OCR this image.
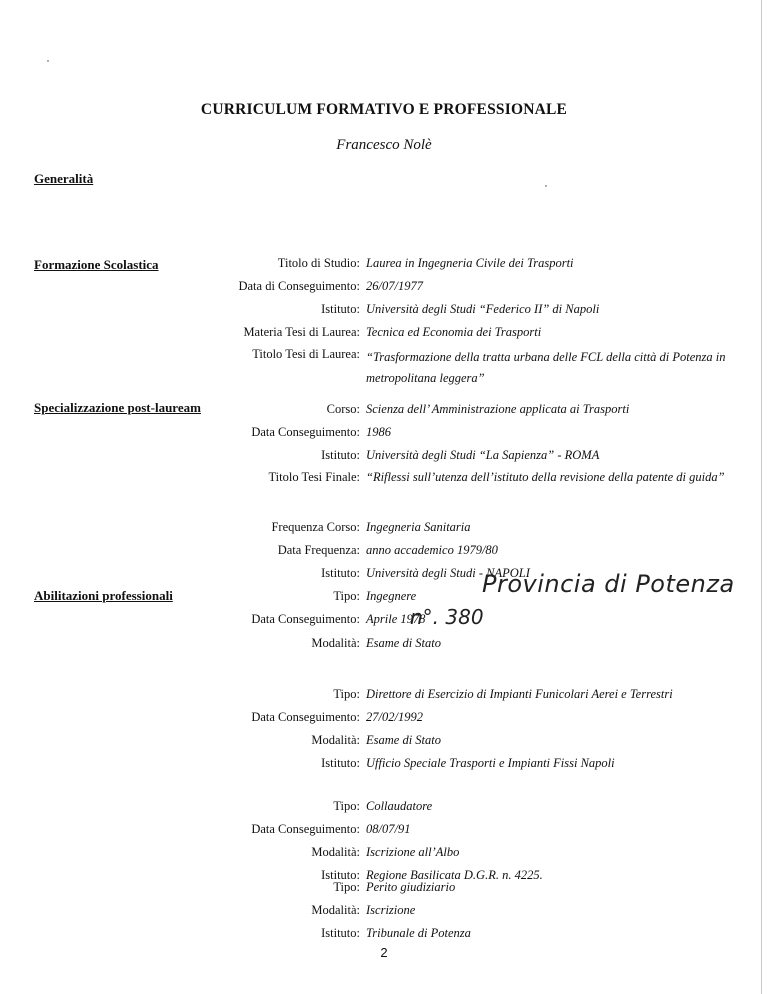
CURRICULUM FORMATIVO E PROFESSIONALE
Francesco Nolè
Generalità
Formazione Scolastica
Specializzazione post-lauream
Abilitazioni professionali
Titolo di Studio: Laurea in Ingegneria Civile dei Trasporti
Data di Conseguimento: 26/07/1977
Istituto: Università degli Studi “Federico II” di Napoli
Materia Tesi di Laurea: Tecnica ed Economia dei Trasporti
Titolo Tesi di Laurea: “Trasformazione della tratta urbana delle FCL della città di Potenza in metropolitana leggera”
Corso: Scienza dell’ Amministrazione applicata ai Trasporti
Data Conseguimento: 1986
Istituto: Università degli Studi “La Sapienza” - ROMA
Titolo Tesi Finale: “Riflessi sull’utenza dell’istituto della revisione della patente di guida”
Frequenza Corso: Ingegneria Sanitaria
Data Frequenza: anno accademico 1979/80
Istituto: Università degli Studi - NAPOLI
Tipo: Ingegnere
Data Conseguimento: Aprile 1978
Modalità: Esame di Stato
Provincia di Potenza
n°. 380
Tipo: Direttore di Esercizio di Impianti Funicolari Aerei e Terrestri
Data Conseguimento: 27/02/1992
Modalità: Esame di Stato
Istituto: Ufficio Speciale Trasporti e Impianti Fissi Napoli
Tipo: Collaudatore
Data Conseguimento: 08/07/91
Modalità: Iscrizione all’Albo
Istituto: Regione Basilicata D.G.R. n. 4225.
Tipo: Perito giudiziario
Modalità: Iscrizione
Istituto: Tribunale di Potenza
2
